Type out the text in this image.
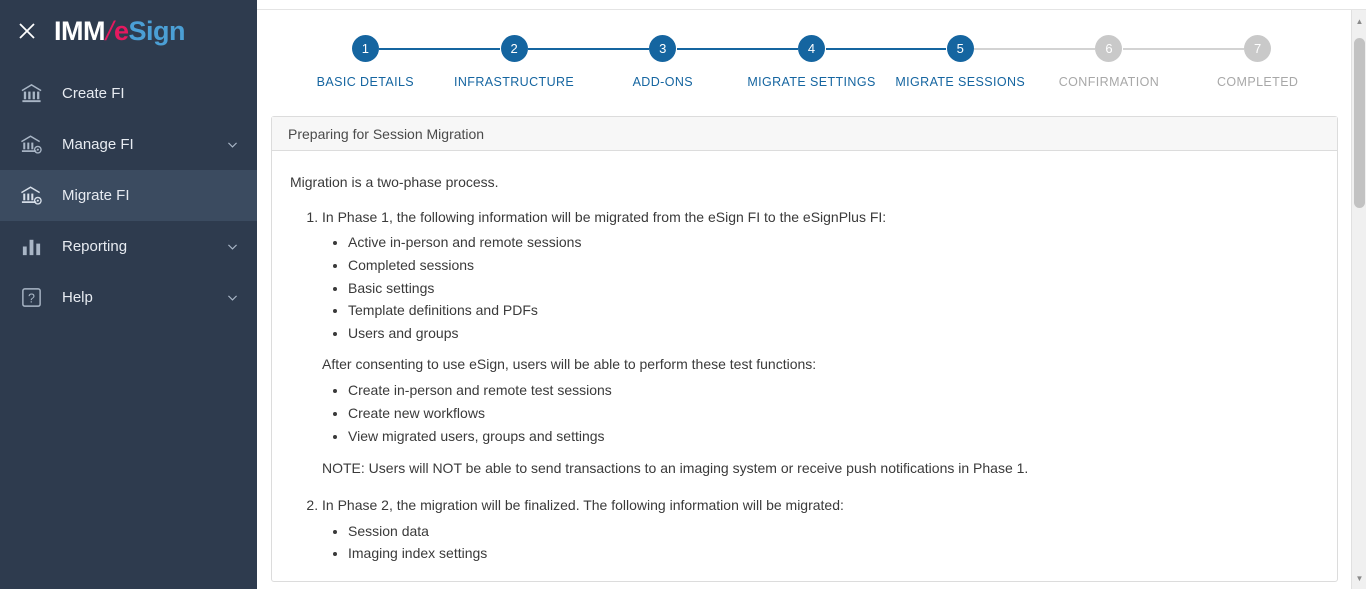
IMM
/
e Sign
Create FI
Manage FI
Migrate FI
Reporting
? Help
1
BASIC DETAILS
2
INFRASTRUCTURE
3
ADD-ONS
4
MIGRATE SETTINGS
5
MIGRATE SESSIONS
6
CONFIRMATION
7
COMPLETED
Preparing for Session Migration

Migration is a two-phase process.

1. In Phase 1, the following information will be migrated from the eSign FI to the eSignPlus FI:
• Active in-person and remote sessions
• Completed sessions
• Basic settings
• Template definitions and PDFs
• Users and groups

After consenting to use eSign, users will be able to perform these test functions:

• Create in-person and remote test sessions
• Create new workflows
• View migrated users, groups and settings

NOTE: Users will NOT be able to send transactions to an imaging system or receive push notifications in Phase 1.

2. In Phase 2, the migration will be finalized. The following information will be migrated:
• Session data
• Imaging index settings
▲
▼
